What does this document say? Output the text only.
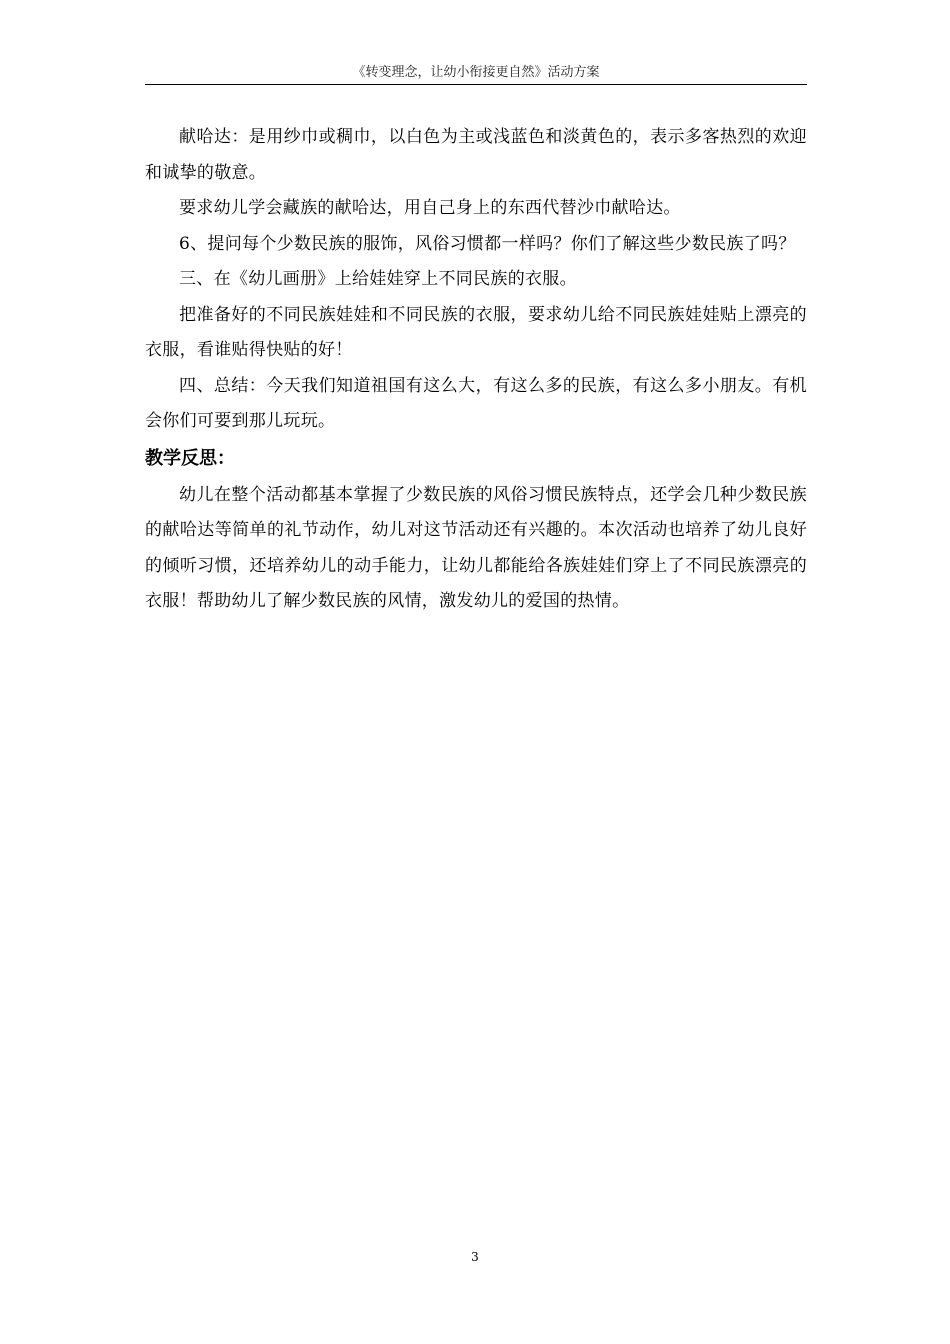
《转变理念，让幼小衔接更自然》活动方案

献哈达：是用纱巾或稠巾，以白色为主或浅蓝色和淡黄色的，表示多客热烈的欢迎和诚挚的敬意。

要求幼儿学会藏族的献哈达，用自己身上的东西代替沙巾献哈达。

6、提问每个少数民族的服饰，风俗习惯都一样吗？你们了解这些少数民族了吗？

三、在《幼儿画册》上给娃娃穿上不同民族的衣服。

把准备好的不同民族娃娃和不同民族的衣服，要求幼儿给不同民族娃娃贴上漂亮的衣服，看谁贴得快贴的好！

四、总结：今天我们知道祖国有这么大，有这么多的民族，有这么多小朋友。有机会你们可要到那儿玩玩。

教学反思：

幼儿在整个活动都基本掌握了少数民族的风俗习惯民族特点，还学会几种少数民族的献哈达等简单的礼节动作，幼儿对这节活动还有兴趣的。本次活动也培养了幼儿良好的倾听习惯，还培养幼儿的动手能力，让幼儿都能给各族娃娃们穿上了不同民族漂亮的衣服！帮助幼儿了解少数民族的风情，激发幼儿的爱国的热情。

3
